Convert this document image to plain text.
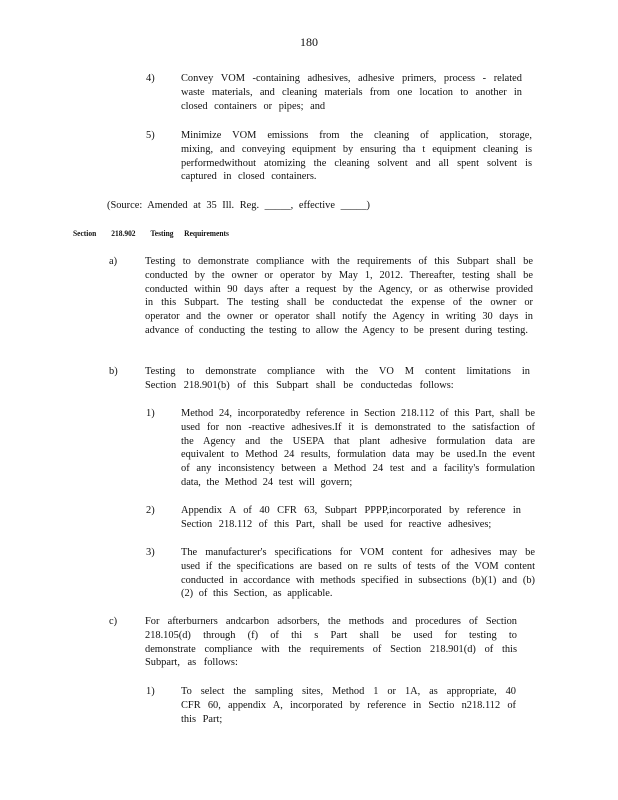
180
4)	Convey VOM -containing adhesives, adhesive primers, process - related waste materials, and cleaning materials from one location to another in closed containers or pipes; and
5)	Minimize VOM emissions from the cleaning of application, storage, mixing, and conveying equipment by ensuring tha t equipment cleaning is performedwithout atomizing the cleaning solvent and all spent solvent is captured in closed containers.
(Source: Amended at 35 Ill. Reg. _____, effective _____)
Section 218.902 Testing Requirements
a)	Testing to demonstrate compliance with the requirements of this Subpart shall be conducted by the owner or operator by May 1, 2012. Thereafter, testing shall be conducted within 90 days after a request by the Agency, or as otherwise provided in this Subpart. The testing shall be conductedat the expense of the owner or operator and the owner or operator shall notify the Agency in writing 30 days in advance of conducting the testing to allow the Agency to be present during testing.
b)	Testing to demonstrate compliance with the VO M content limitations in Section 218.901(b) of this Subpart shall be conductedas follows:
1)	Method 24, incorporatedby reference in Section 218.112 of this Part, shall be used for non -reactive adhesives.If it is demonstrated to the satisfaction of the Agency and the USEPA that plant adhesive formulation data are equivalent to Method 24 results, formulation data may be used.In the event of any inconsistency between a Method 24 test and a facility's formulation data, the Method 24 test will govern;
2)	Appendix A of 40 CFR 63, Subpart PPPP,incorporated by reference in Section 218.112 of this Part, shall be used for reactive adhesives;
3)	The manufacturer's specifications for VOM content for adhesives may be used if the specifications are based on re sults of tests of the VOM content conducted in accordance with methods specified in subsections (b)(1) and (b)(2) of this Section, as applicable.
c)	For afterburners andcarbon adsorbers, the methods and procedures of Section 218.105(d) through (f) of thi s Part shall be used for testing to demonstrate compliance with the requirements of Section 218.901(d) of this Subpart, as follows:
1)	To select the sampling sites, Method 1 or 1A, as appropriate, 40 CFR 60, appendix A, incorporated by reference in Sectio n218.112 of this Part;
